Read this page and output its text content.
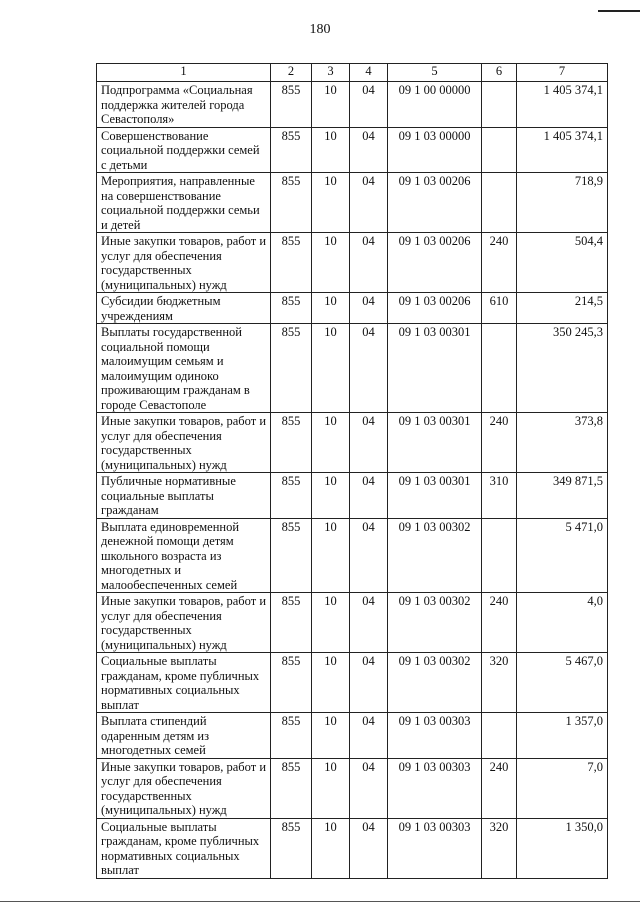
180
1	2	3	4	5	6	7
Подпрограмма «Социальная поддержка жителей города Севастополя»	855	10	04	09 1 00 00000		1 405 374,1
Совершенствование социальной поддержки семей с детьми	855	10	04	09 1 03 00000		1 405 374,1
Мероприятия, направленные на совершенствование социальной поддержки семьи и детей	855	10	04	09 1 03 00206		718,9
Иные закупки товаров, работ и услуг для обеспечения государственных (муниципальных) нужд	855	10	04	09 1 03 00206	240	504,4
Субсидии бюджетным учреждениям	855	10	04	09 1 03 00206	610	214,5
Выплаты государственной социальной помощи малоимущим семьям и малоимущим одиноко проживающим гражданам в городе Севастополе	855	10	04	09 1 03 00301		350 245,3
Иные закупки товаров, работ и услуг для обеспечения государственных (муниципальных) нужд	855	10	04	09 1 03 00301	240	373,8
Публичные нормативные социальные выплаты гражданам	855	10	04	09 1 03 00301	310	349 871,5
Выплата единовременной денежной помощи детям школьного возраста из многодетных и малообеспеченных семей	855	10	04	09 1 03 00302		5 471,0
Иные закупки товаров, работ и услуг для обеспечения государственных (муниципальных) нужд	855	10	04	09 1 03 00302	240	4,0
Социальные выплаты гражданам, кроме публичных нормативных социальных выплат	855	10	04	09 1 03 00302	320	5 467,0
Выплата стипендий одаренным детям из многодетных семей	855	10	04	09 1 03 00303		1 357,0
Иные закупки товаров, работ и услуг для обеспечения государственных (муниципальных) нужд	855	10	04	09 1 03 00303	240	7,0
Социальные выплаты гражданам, кроме публичных нормативных социальных выплат	855	10	04	09 1 03 00303	320	1 350,0
